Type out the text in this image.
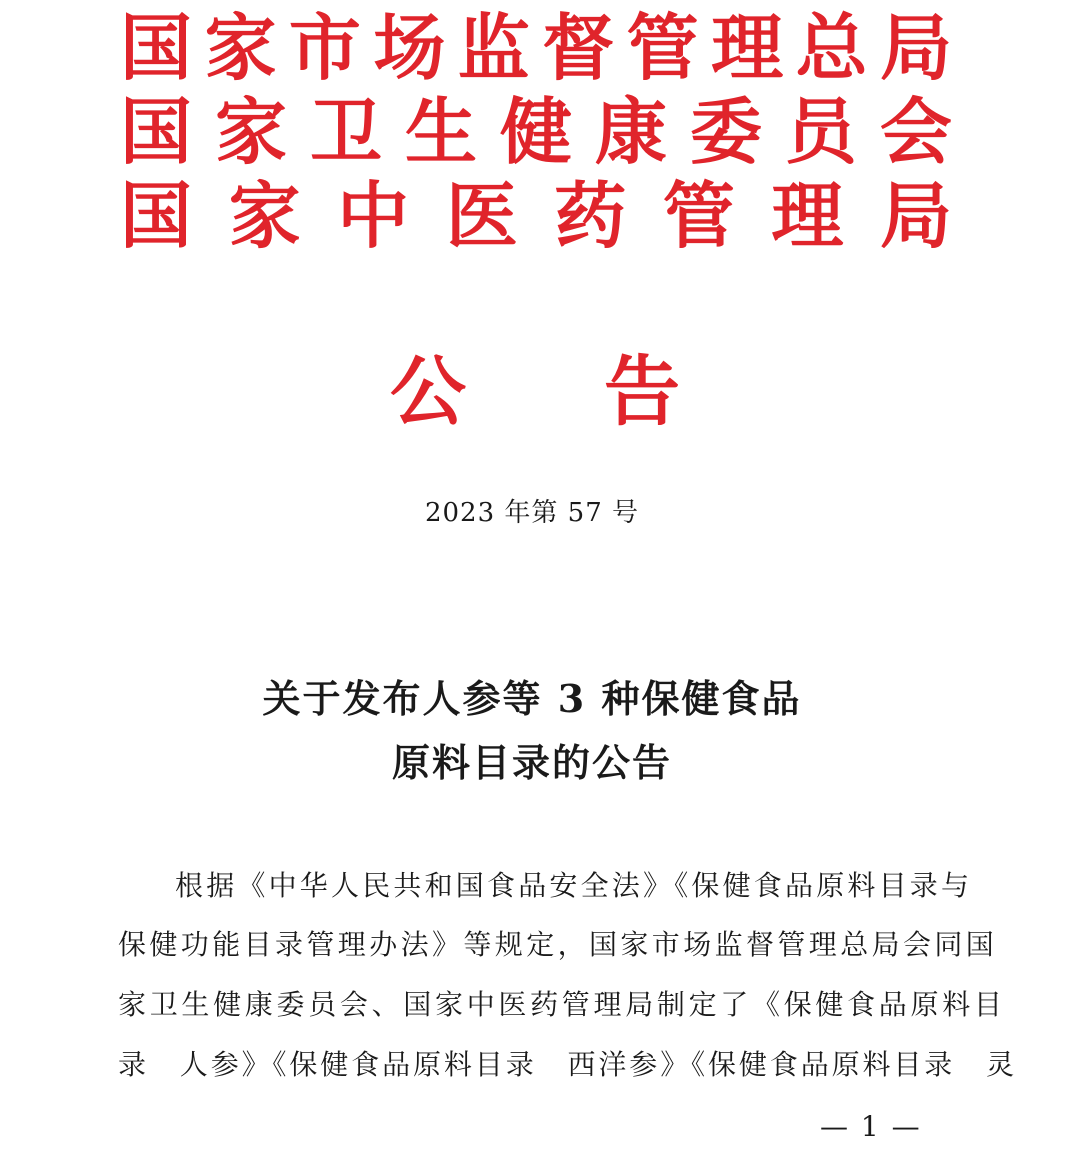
国 家 市 场 监 督 管 理 总 局
国 家 卫 生 健 康 委 员 会
国 家 中 医 药 管 理 局
公 告
2023 年第 57 号
关于发布人参等 3 种保健食品
原料目录的公告
根据《中华人民共和国食品安全法》《保健食品原料目录与
保健功能目录管理办法》等规定，国家市场监督管理总局会同国
家卫生健康委员会、国家中医药管理局制定了《保健食品原料目
录　人参》《保健食品原料目录　西洋参》《保健食品原料目录　灵
— 1 —
